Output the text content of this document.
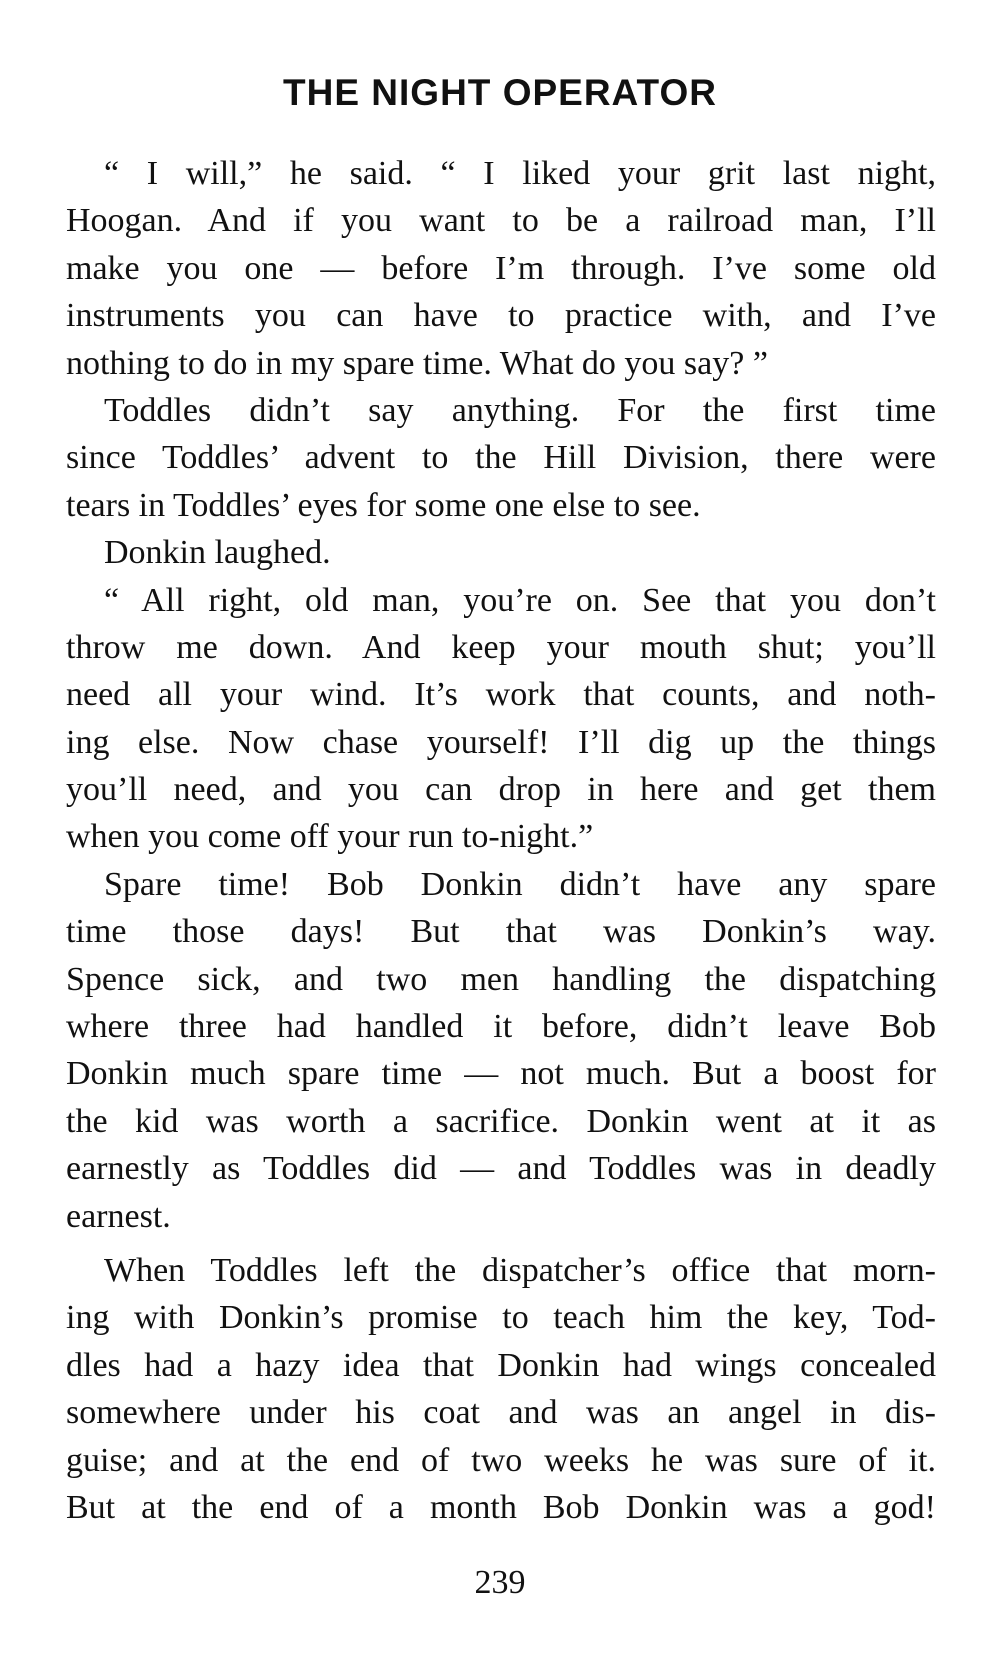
THE NIGHT OPERATOR
“ I will,” he said. “ I liked your grit last night,
Hoogan. And if you want to be a railroad man, I’ll
make you one — before I’m through. I’ve some old
instruments you can have to practice with, and I’ve
nothing to do in my spare time. What do you say? ”
Toddles didn’t say anything. For the first time
since Toddles’ advent to the Hill Division, there were
tears in Toddles’ eyes for some one else to see.
Donkin laughed.
“ All right, old man, you’re on. See that you don’t
throw me down. And keep your mouth shut; you’ll
need all your wind. It’s work that counts, and noth-
ing else. Now chase yourself! I’ll dig up the things
you’ll need, and you can drop in here and get them
when you come off your run to-night.”
Spare time! Bob Donkin didn’t have any spare
time those days! But that was Donkin’s way.
Spence sick, and two men handling the dispatching
where three had handled it before, didn’t leave Bob
Donkin much spare time — not much. But a boost for
the kid was worth a sacrifice. Donkin went at it as
earnestly as Toddles did — and Toddles was in deadly
earnest.
When Toddles left the dispatcher’s office that morn-
ing with Donkin’s promise to teach him the key, Tod-
dles had a hazy idea that Donkin had wings concealed
somewhere under his coat and was an angel in dis-
guise; and at the end of two weeks he was sure of it.
But at the end of a month Bob Donkin was a god!
239
